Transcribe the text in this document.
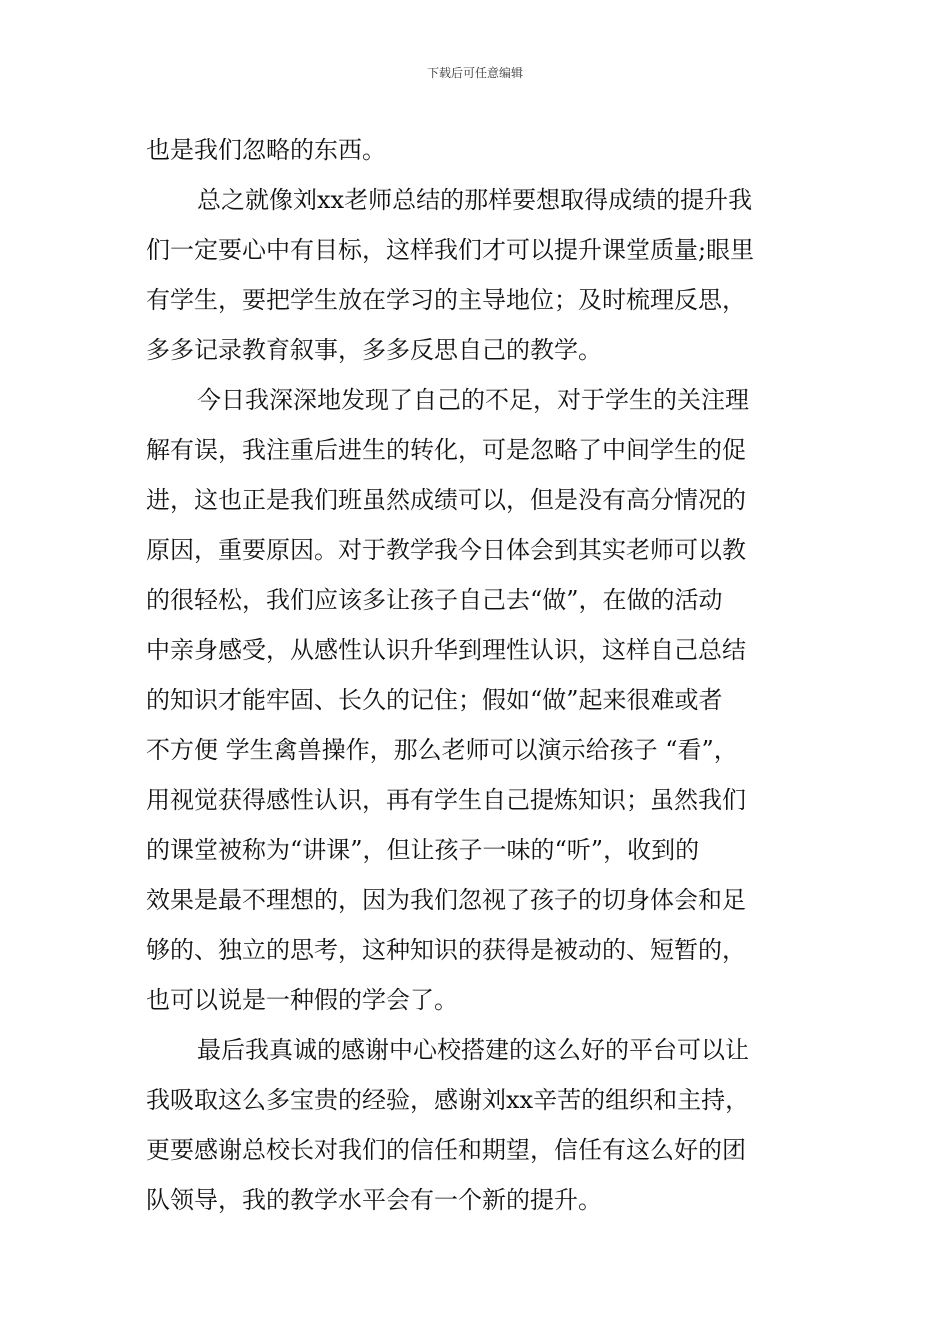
下载后可任意编辑
也是我们忽略的东西。
总之就像刘xx老师总结的那样要想取得成绩的提升我
们一定要心中有目标，这样我们才可以提升课堂质量;眼里
有学生，要把学生放在学习的主导地位；及时梳理反思，
多多记录教育叙事，多多反思自己的教学。
今日我深深地发现了自己的不足，对于学生的关注理
解有误，我注重后进生的转化，可是忽略了中间学生的促
进，这也正是我们班虽然成绩可以，但是没有高分情况的
原因，重要原因。对于教学我今日体会到其实老师可以教
的很轻松，我们应该多让孩子自己去“做”，在做的活动
中亲身感受，从感性认识升华到理性认识，这样自己总结
的知识才能牢固、长久的记住；假如“做”起来很难或者
不方便 学生禽兽操作，那么老师可以演示给孩子 “看”，
用视觉获得感性认识，再有学生自己提炼知识；虽然我们
的课堂被称为“讲课”，但让孩子一味的“听”，收到的
效果是最不理想的，因为我们忽视了孩子的切身体会和足
够的、独立的思考，这种知识的获得是被动的、短暂的，
也可以说是一种假的学会了。
最后我真诚的感谢中心校搭建的这么好的平台可以让
我吸取这么多宝贵的经验，感谢刘xx辛苦的组织和主持，
更要感谢总校长对我们的信任和期望，信任有这么好的团
队领导，我的教学水平会有一个新的提升。
